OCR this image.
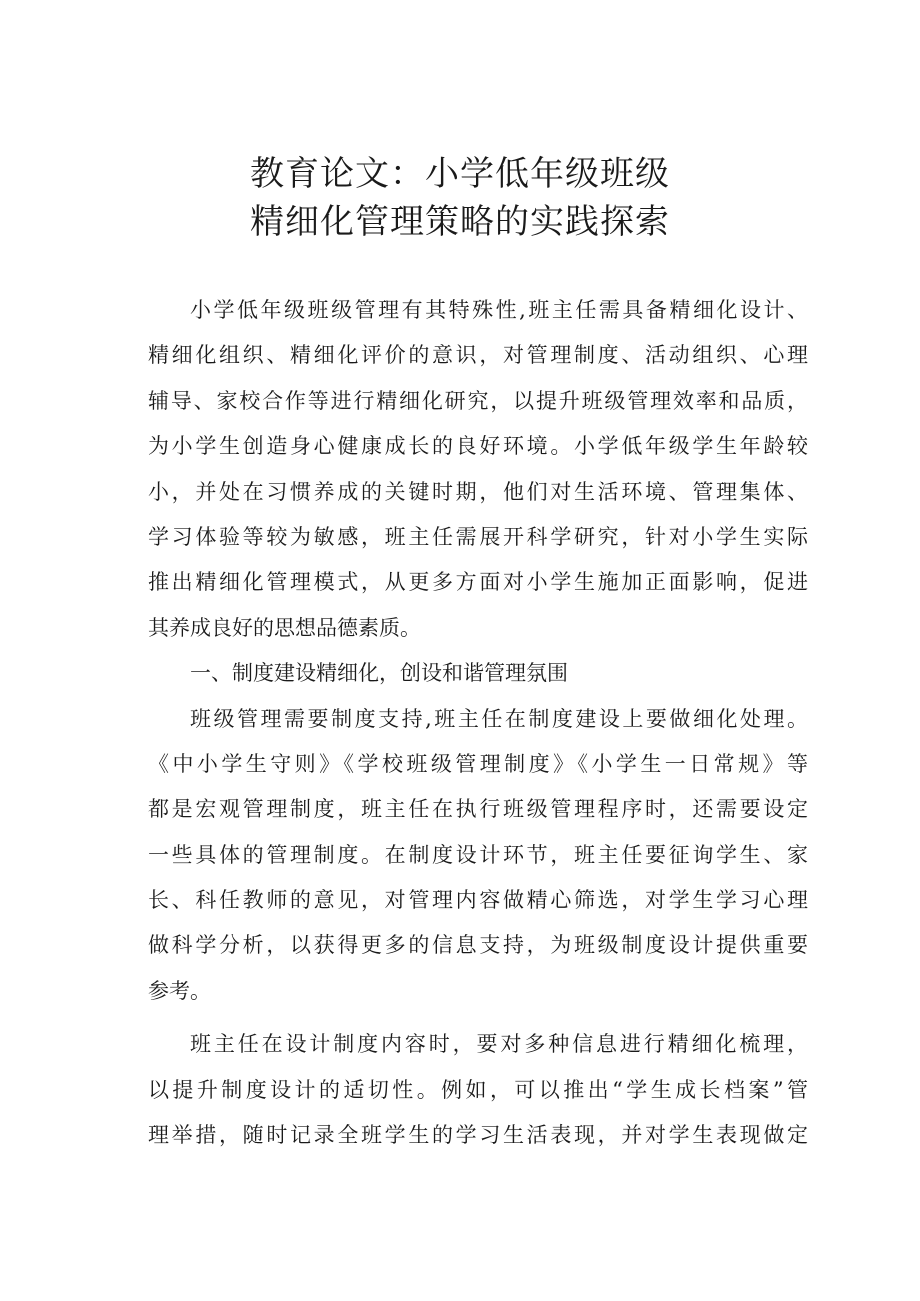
教育论文：小学低年级班级
精细化管理策略的实践探索
小学低年级班级管理有其特殊性,班主任需具备精细化设计、
精细化组织、精细化评价的意识，对管理制度、活动组织、心理
辅导、家校合作等进行精细化研究，以提升班级管理效率和品质，
为小学生创造身心健康成长的良好环境。小学低年级学生年龄较
小，并处在习惯养成的关键时期，他们对生活环境、管理集体、
学习体验等较为敏感，班主任需展开科学研究，针对小学生实际
推出精细化管理模式，从更多方面对小学生施加正面影响，促进
其养成良好的思想品德素质。
一、制度建设精细化，创设和谐管理氛围
班级管理需要制度支持,班主任在制度建设上要做细化处理。
《中小学生守则》《学校班级管理制度》《小学生一日常规》等
都是宏观管理制度，班主任在执行班级管理程序时，还需要设定
一些具体的管理制度。在制度设计环节，班主任要征询学生、家
长、科任教师的意见，对管理内容做精心筛选，对学生学习心理
做科学分析，以获得更多的信息支持，为班级制度设计提供重要
参考。
班主任在设计制度内容时，要对多种信息进行精细化梳理，
以提升制度设计的适切性。例如，可以推出“学生成长档案”管
理举措，随时记录全班学生的学习生活表现，并对学生表现做定
